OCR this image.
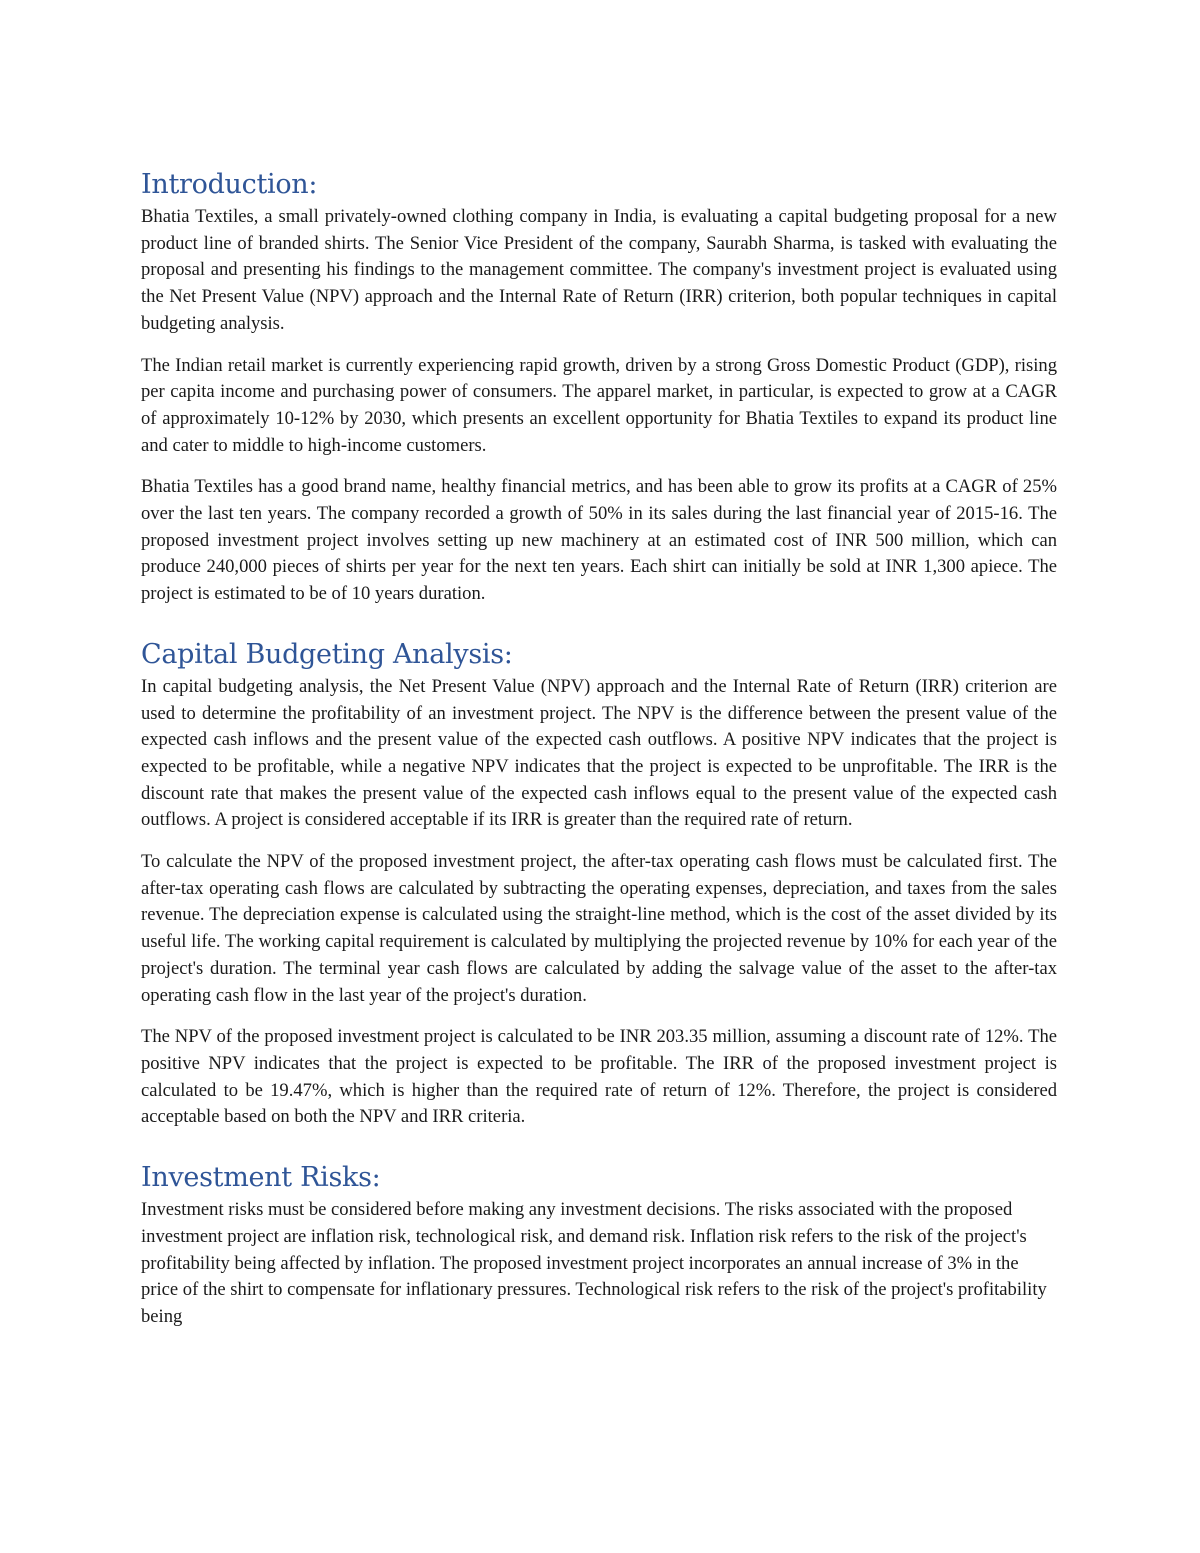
Introduction:

Bhatia Textiles, a small privately-owned clothing company in India, is evaluating a capital budgeting proposal for a new product line of branded shirts. The Senior Vice President of the company, Saurabh Sharma, is tasked with evaluating the proposal and presenting his findings to the management committee. The company's investment project is evaluated using the Net Present Value (NPV) approach and the Internal Rate of Return (IRR) criterion, both popular techniques in capital budgeting analysis.

The Indian retail market is currently experiencing rapid growth, driven by a strong Gross Domestic Product (GDP), rising per capita income and purchasing power of consumers. The apparel market, in particular, is expected to grow at a CAGR of approximately 10-12% by 2030, which presents an excellent opportunity for Bhatia Textiles to expand its product line and cater to middle to high-income customers.

Bhatia Textiles has a good brand name, healthy financial metrics, and has been able to grow its profits at a CAGR of 25% over the last ten years. The company recorded a growth of 50% in its sales during the last financial year of 2015-16. The proposed investment project involves setting up new machinery at an estimated cost of INR 500 million, which can produce 240,000 pieces of shirts per year for the next ten years. Each shirt can initially be sold at INR 1,300 apiece. The project is estimated to be of 10 years duration.

Capital Budgeting Analysis:

In capital budgeting analysis, the Net Present Value (NPV) approach and the Internal Rate of Return (IRR) criterion are used to determine the profitability of an investment project. The NPV is the difference between the present value of the expected cash inflows and the present value of the expected cash outflows. A positive NPV indicates that the project is expected to be profitable, while a negative NPV indicates that the project is expected to be unprofitable. The IRR is the discount rate that makes the present value of the expected cash inflows equal to the present value of the expected cash outflows. A project is considered acceptable if its IRR is greater than the required rate of return.

To calculate the NPV of the proposed investment project, the after-tax operating cash flows must be calculated first. The after-tax operating cash flows are calculated by subtracting the operating expenses, depreciation, and taxes from the sales revenue. The depreciation expense is calculated using the straight-line method, which is the cost of the asset divided by its useful life. The working capital requirement is calculated by multiplying the projected revenue by 10% for each year of the project's duration. The terminal year cash flows are calculated by adding the salvage value of the asset to the after-tax operating cash flow in the last year of the project's duration.

The NPV of the proposed investment project is calculated to be INR 203.35 million, assuming a discount rate of 12%. The positive NPV indicates that the project is expected to be profitable. The IRR of the proposed investment project is calculated to be 19.47%, which is higher than the required rate of return of 12%. Therefore, the project is considered acceptable based on both the NPV and IRR criteria.

Investment Risks:

Investment risks must be considered before making any investment decisions. The risks associated with the proposed investment project are inflation risk, technological risk, and demand risk. Inflation risk refers to the risk of the project's profitability being affected by inflation. The proposed investment project incorporates an annual increase of 3% in the price of the shirt to compensate for inflationary pressures. Technological risk refers to the risk of the project's profitability being
